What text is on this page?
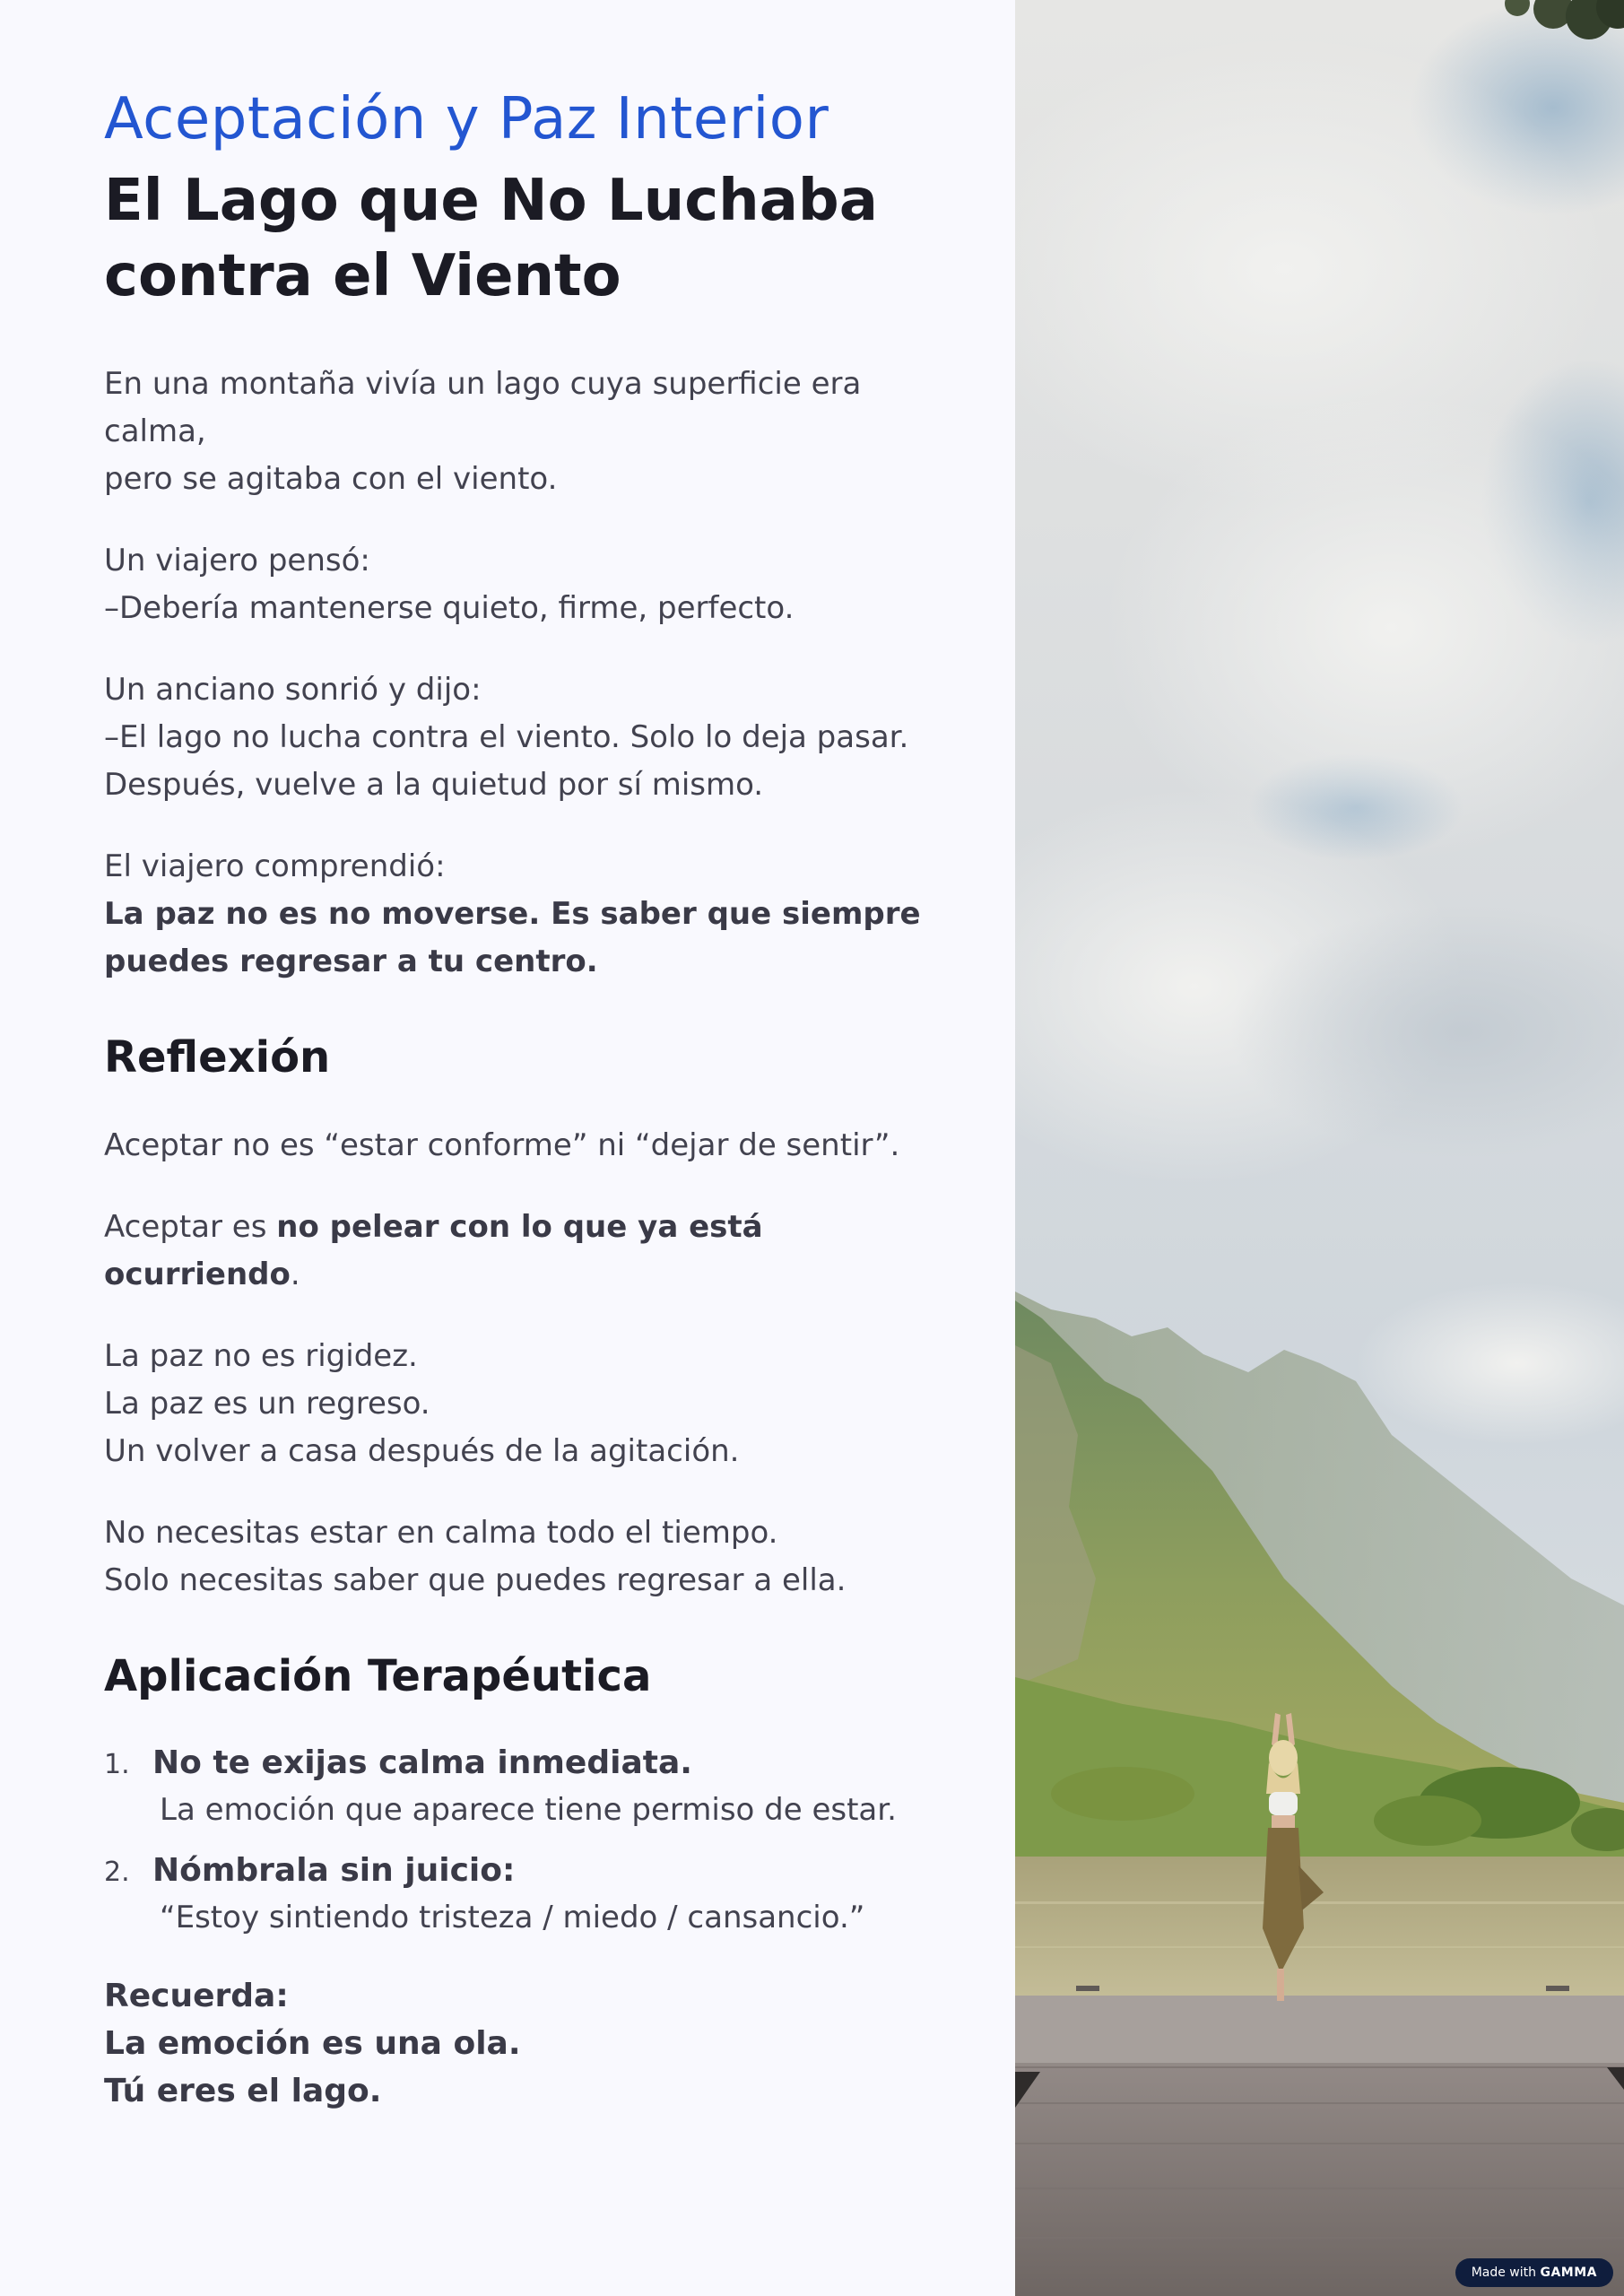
Aceptación y Paz Interior
El Lago que No Luchaba
contra el Viento

En una montaña vivía un lago cuya superficie era calma,
pero se agitaba con el viento.

Un viajero pensó:
–Debería mantenerse quieto, firme, perfecto.

Un anciano sonrió y dijo:
–El lago no lucha contra el viento. Solo lo deja pasar.
Después, vuelve a la quietud por sí mismo.

El viajero comprendió:
La paz no es no moverse. Es saber que siempre
puedes regresar a tu centro.

Reflexión

Aceptar no es “estar conforme” ni “dejar de sentir”.

Aceptar es no pelear con lo que ya está ocurriendo.

La paz no es rigidez.
La paz es un regreso.
Un volver a casa después de la agitación.

No necesitas estar en calma todo el tiempo.
Solo necesitas saber que puedes regresar a ella.

Aplicación Terapéutica
1. No te exijas calma inmediata.

La emoción que aparece tiene permiso de estar.

2. Nómbrala sin juicio:

“Estoy sintiendo tristeza / miedo / cansancio.”

Recuerda:
La emoción es una ola.
Tú eres el lago.

Made with GAMMA
